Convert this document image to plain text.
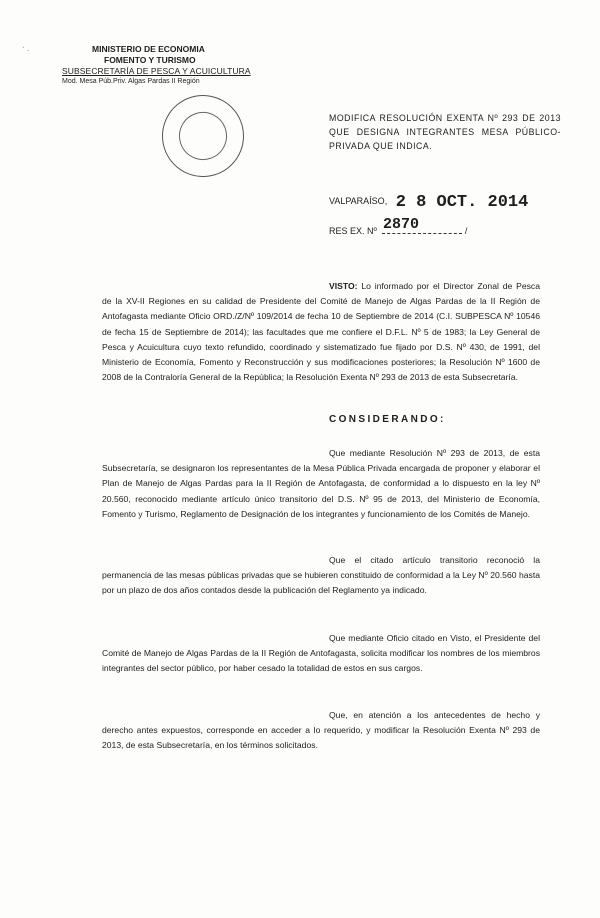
` ·	MINISTERIO DE ECONOMIA
FOMENTO Y TURISMO
SUBSECRETARÍA DE PESCA Y ACUICULTURA
Mod. Mesa Púb.Priv. Algas Pardas II Región
MODIFICA RESOLUCIÓN EXENTA Nº 293 DE 2013 QUE DESIGNA INTEGRANTES MESA PÚBLICO-PRIVADA QUE INDICA.
VALPARAÍSO, 2 8 OCT. 2014
RES EX. Nº 2870	/
VISTO: Lo informado por el Director Zonal de Pesca de la XV-II Regiones en su calidad de Presidente del Comité de Manejo de Algas Pardas de la II Región de Antofagasta mediante Oficio ORD./Z/Nº 109/2014 de fecha 10 de Septiembre de 2014 (C.I. SUBPESCA Nº 10546 de fecha 15 de Septiembre de 2014); las facultades que me confiere el D.F.L. Nº 5 de 1983; la Ley General de Pesca y Acuicultura cuyo texto refundido, coordinado y sistematizado fue fijado por D.S. Nº 430, de 1991, del Ministerio de Economía, Fomento y Reconstrucción y sus modificaciones posteriores; la Resolución Nº 1600 de 2008 de la Contraloría General de la República; la Resolución Exenta Nº 293 de 2013 de esta Subsecretaría.
CONSIDERANDO:
Que mediante Resolución Nº 293 de 2013, de esta Subsecretaría, se designaron los representantes de la Mesa Pública Privada encargada de proponer y elaborar el Plan de Manejo de Algas Pardas para la II Región de Antofagasta, de conformidad a lo dispuesto en la ley Nº 20.560, reconocido mediante artículo único transitorio del D.S. Nº 95 de 2013, del Ministerio de Economía, Fomento y Turismo, Reglamento de Designación de los integrantes y funcionamiento de los Comités de Manejo.
Que el citado artículo transitorio reconoció la permanencia de las mesas públicas privadas que se hubieren constituido de conformidad a la Ley Nº 20.560 hasta por un plazo de dos años contados desde la publicación del Reglamento ya indicado.
Que mediante Oficio citado en Visto, el Presidente del Comité de Manejo de Algas Pardas de la II Región de Antofagasta, solicita modificar los nombres de los miembros integrantes del sector público, por haber cesado la totalidad de estos en sus cargos.
Que, en atención a los antecedentes de hecho y derecho antes expuestos, corresponde en acceder a lo requerido, y modificar la Resolución Exenta Nº 293 de 2013, de esta Subsecretaría, en los términos solicitados.
